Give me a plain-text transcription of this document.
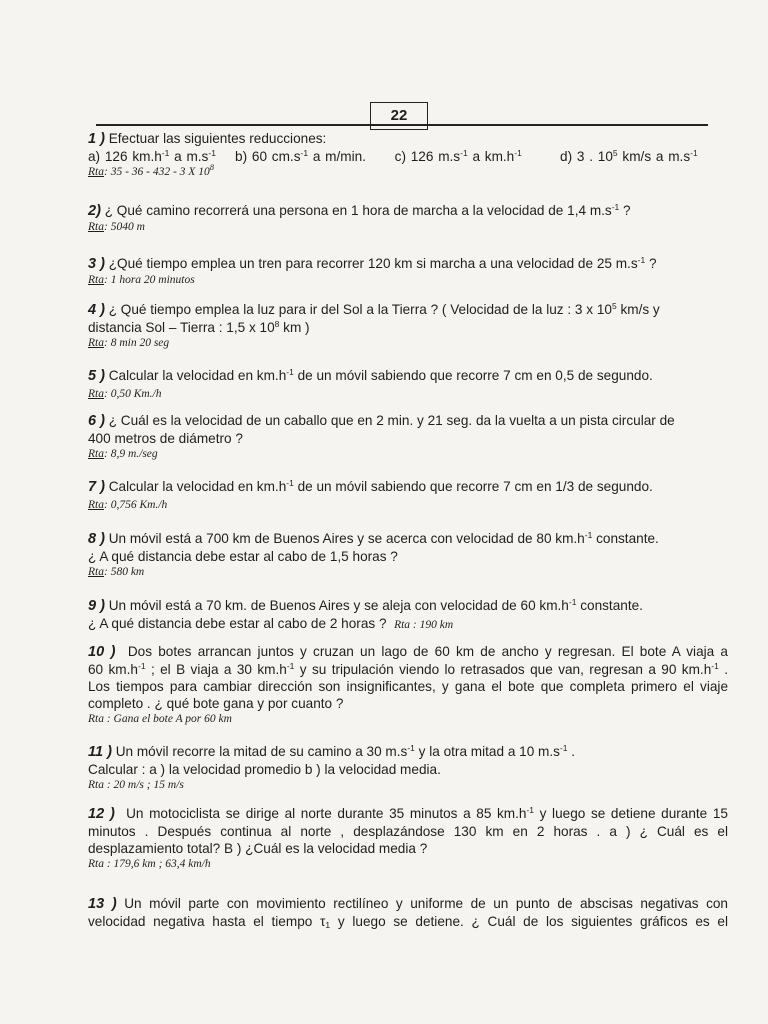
22

1 ) Efectuar las siguientes reducciones:

a) 126 $km.h^{-1}$ a $m.s^{-1}$ b) 60 $cm.s^{-1}$ a m/min. c) 126 $m.s^{-1}$ a $km.h^{-1}$	d) 3 . $10^5$ km/s a $m.s^{-1}$

Rta: 35 - 36 - 432 - 3 X $10^8$

2) ¿ Qué camino recorrerá una persona en 1 hora de marcha a la velocidad de 1,4 $m.s^{-1}$ ?

Rta: 5040 m

3 ) ¿Qué tiempo emplea un tren para recorrer 120 km si marcha a una velocidad de 25 $m.s^{-1}$ ?

Rta: 1 hora 20 minutos

4 ) ¿ Qué tiempo emplea la luz para ir del Sol a la Tierra ? ( Velocidad de la luz : 3 x $10^5$ km/s y

distancia Sol – Tierra : 1,5 x $10^8$ km )

Rta: 8 min 20 seg

5 ) Calcular la velocidad en $km.h^{-1}$ de un móvil sabiendo que recorre 7 cm en 0,5 de segundo.

Rta: 0,50 Km./h

6 ) ¿ Cuál es la velocidad de un caballo que en 2 min. y 21 seg. da la vuelta a un pista circular de

400 metros de diámetro ?

Rta: 8,9 m./seg

7 ) Calcular la velocidad en $km.h^{-1}$ de un móvil sabiendo que recorre 7 cm en 1/3 de segundo.

Rta: 0,756 Km./h

8 ) Un móvil está a 700 km de Buenos Aires y se acerca con velocidad de 80 $km.h^{-1}$ constante.

¿ A qué distancia debe estar al cabo de 1,5 horas ?

Rta: 580 km

9 ) Un móvil está a 70 km. de Buenos Aires y se aleja con velocidad de 60 $km.h^{-1}$ constante.

¿ A qué distancia debe estar al cabo de 2 horas ? Rta : 190 km

10 ) Dos botes arrancan juntos y cruzan un lago de 60 km de ancho y regresan. El bote A viaja a

60 $km.h^{-1}$ ; el B viaja a 30 $km.h^{-1}$ y su tripulación viendo lo retrasados que van, regresan a 90 $km.h^{-1}$ .

Los tiempos para cambiar dirección son insignificantes, y gana el bote que completa primero el viaje

completo . ¿ qué bote gana y por cuanto ?

Rta : Gana el bote A por 60 km

11 ) Un móvil recorre la mitad de su camino a 30 $m.s^{-1}$ y la otra mitad a 10 $m.s^{-1}$ .

Calcular : a ) la velocidad promedio b ) la velocidad media.

Rta : 20 m/s ; 15 m/s

12 ) Un motociclista se dirige al norte durante 35 minutos a 85 $km.h^{-1}$ y luego se detiene durante 15

minutos . Después continua al norte , desplazándose 130 km en 2 horas . a ) ¿ Cuál es el

desplazamiento total? B ) ¿Cuál es la velocidad media ?

Rta : 179,6 km ; 63,4 km/h

13 ) Un móvil parte con movimiento rectilíneo y uniforme de un punto de abscisas negativas con

velocidad negativa hasta el tiempo $\tau_1$ y luego se detiene. ¿ Cuál de los siguientes gráficos es el
